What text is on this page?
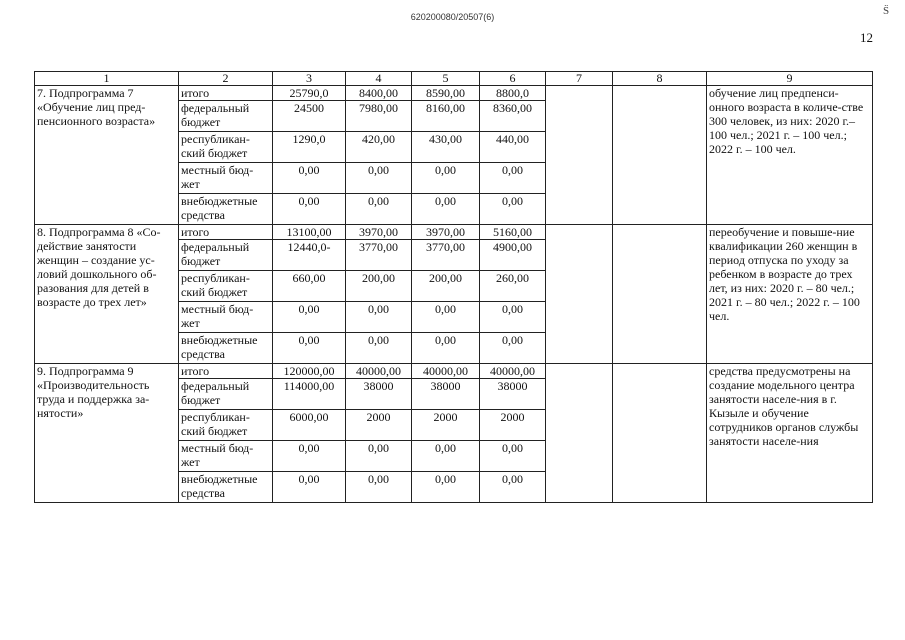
620200080/20507(6)	S̈
12
1	2	3	4	5	6	7	8	9
7. Подпрограмма 7 «Обучение лиц пред-пенсионного возраста»	итого	25790,0	8400,00	8590,00	8800,0			обучение лиц предпенси-онного возраста в количе-стве 300 человек, из них: 2020 г.– 100 чел.; 2021 г. – 100 чел.; 2022 г. – 100 чел.
	федеральный бюджет	24500	7980,00	8160,00	8360,00			
	республикан-ский бюджет	1290,0	420,00	430,00	440,00			
	местный бюд-жет	0,00	0,00	0,00	0,00			
	внебюджетные средства	0,00	0,00	0,00	0,00			
8. Подпрограмма 8 «Со-действие занятости женщин – создание ус-ловий дошкольного об-разования для детей в возрасте до трех лет»	итого	13100,00	3970,00	3970,00	5160,00			переобучение и повыше-ние квалификации 260 женщин в период отпуска по уходу за ребенком в возрасте до трех лет, из них: 2020 г. – 80 чел.; 2021 г. – 80 чел.; 2022 г. – 100 чел.
	федеральный бюджет	12440,0-	3770,00	3770,00	4900,00			
	республикан-ский бюджет	660,00	200,00	200,00	260,00			
	местный бюд-жет	0,00	0,00	0,00	0,00			
	внебюджетные средства	0,00	0,00	0,00	0,00			
9. Подпрограмма 9 «Производительность труда и поддержка за-нятости»	итого	120000,00	40000,00	40000,00	40000,00			средства предусмотрены на создание модельного центра занятости населе-ния в г. Кызыле и обучение сотрудников органов службы занятости населе-ния
	федеральный бюджет	114000,00	38000	38000	38000			
	республикан-ский бюджет	6000,00	2000	2000	2000			
	местный бюд-жет	0,00	0,00	0,00	0,00			
	внебюджетные средства	0,00	0,00	0,00	0,00			
